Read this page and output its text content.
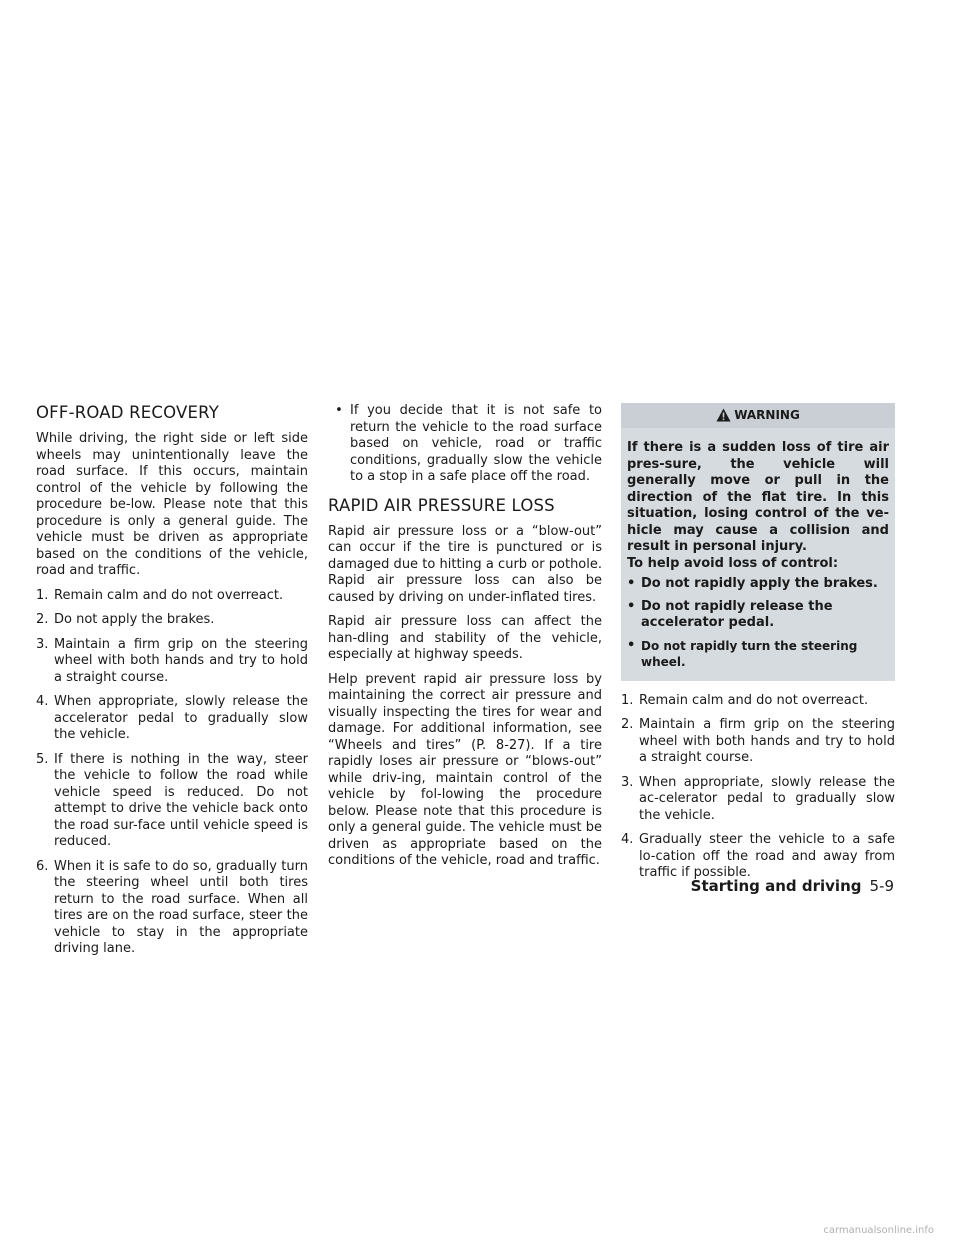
OFF-ROAD RECOVERY

While driving, the right side or left side wheels may unintentionally leave the road surface. If this occurs, maintain control of the vehicle by following the procedure be-low. Please note that this procedure is only a general guide. The vehicle must be driven as appropriate based on the conditions of the vehicle, road and traffic.

1. Remain calm and do not overreact.
2. Do not apply the brakes.
3. Maintain a firm grip on the steering wheel with both hands and try to hold a straight course.
4. When appropriate, slowly release the accelerator pedal to gradually slow the vehicle.
5. If there is nothing in the way, steer the vehicle to follow the road while vehicle speed is reduced. Do not attempt to drive the vehicle back onto the road sur-face until vehicle speed is reduced.
6. When it is safe to do so, gradually turn the steering wheel until both tires return to the road surface. When all tires are on the road surface, steer the vehicle to stay in the appropriate driving lane.
• If you decide that it is not safe to return the vehicle to the road surface based on vehicle, road or traffic conditions, gradually slow the vehicle to a stop in a safe place off the road.
RAPID AIR PRESSURE LOSS

Rapid air pressure loss or a “blow-out” can occur if the tire is punctured or is damaged due to hitting a curb or pothole. Rapid air pressure loss can also be caused by driving on under-inflated tires.

Rapid air pressure loss can affect the han-dling and stability of the vehicle, especially at highway speeds.

Help prevent rapid air pressure loss by maintaining the correct air pressure and visually inspecting the tires for wear and damage. For additional information, see “Wheels and tires” (P. 8-27). If a tire rapidly loses air pressure or “blows-out” while driv-ing, maintain control of the vehicle by fol-lowing the procedure below. Please note that this procedure is only a general guide. The vehicle must be driven as appropriate based on the conditions of the vehicle, road and traffic.

WARNING

If there is a sudden loss of tire air pres-sure, the vehicle will generally move or pull in the direction of the flat tire. In this situation, losing control of the ve-hicle may cause a collision and result in personal injury.

To help avoid loss of control:

• Do not rapidly apply the brakes.
• Do not rapidly release the accelerator pedal.
• Do not rapidly turn the steering wheel.
1. Remain calm and do not overreact.
2. Maintain a firm grip on the steering wheel with both hands and try to hold a straight course.
3. When appropriate, slowly release the ac-celerator pedal to gradually slow the vehicle.
4. Gradually steer the vehicle to a safe lo-cation off the road and away from traffic if possible.
Starting and driving 5-9
carmanualsonline.info
